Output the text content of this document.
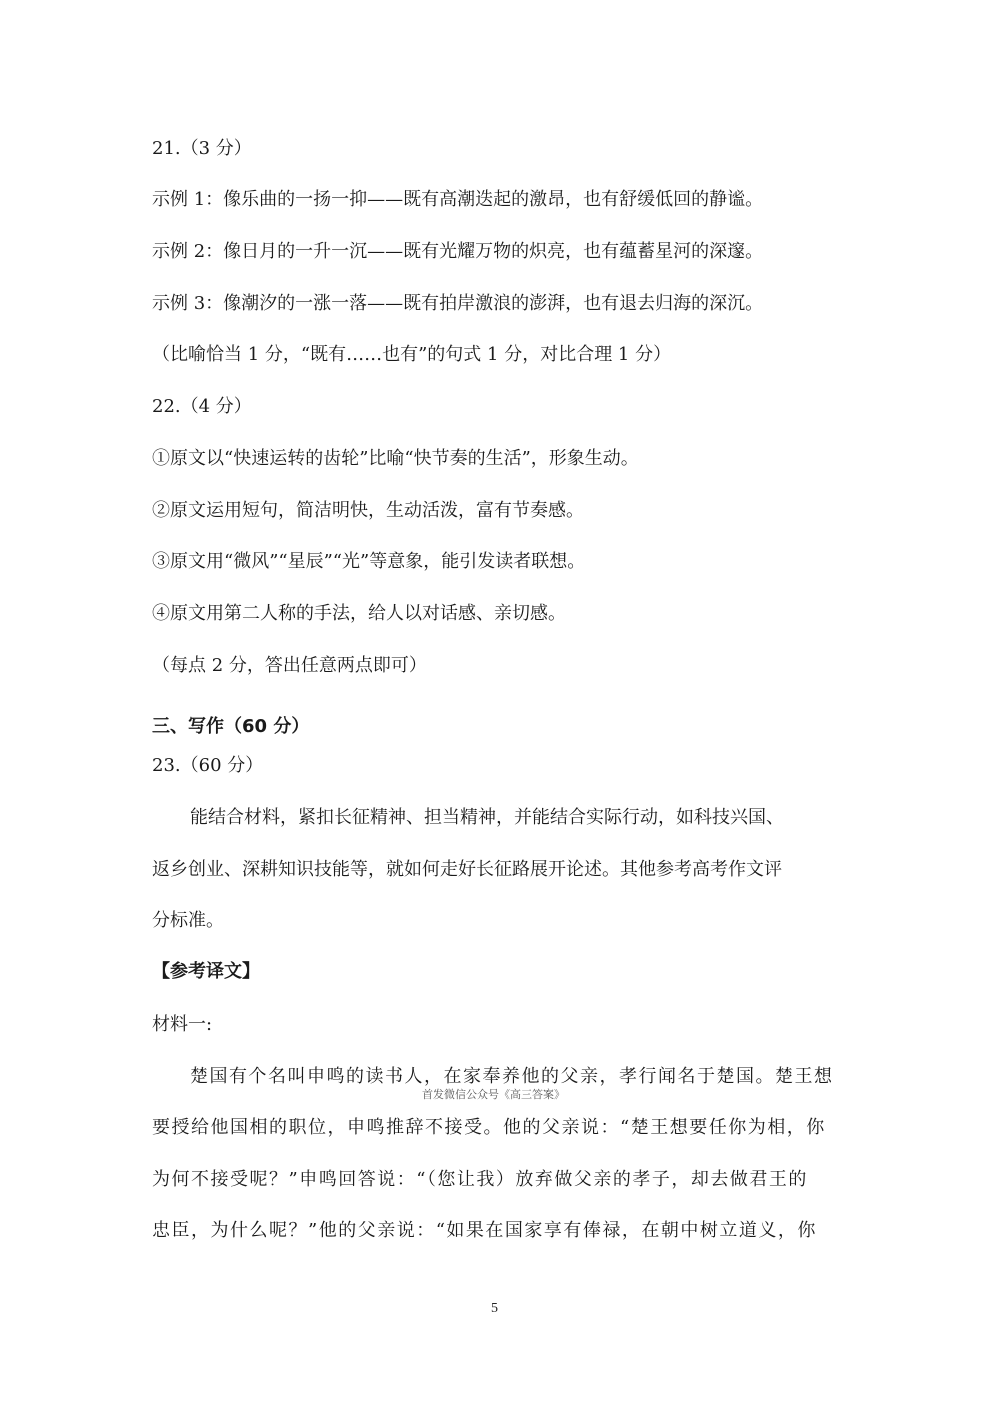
21.（3 分）
示例 1：像乐曲的一扬一抑——既有高潮迭起的激昂，也有舒缓低回的静谧。
示例 2：像日月的一升一沉——既有光耀万物的炽亮，也有蕴蓄星河的深邃。
示例 3：像潮汐的一涨一落——既有拍岸激浪的澎湃，也有退去归海的深沉。
（比喻恰当 1 分，“既有……也有”的句式 1 分，对比合理 1 分）
22.（4 分）
①原文以“快速运转的齿轮”比喻“快节奏的生活”，形象生动。
②原文运用短句，简洁明快，生动活泼，富有节奏感。
③原文用“微风”“星辰”“光”等意象，能引发读者联想。
④原文用第二人称的手法，给人以对话感、亲切感。
（每点 2 分，答出任意两点即可）
三、写作（60 分）
23.（60 分）
能结合材料，紧扣长征精神、担当精神，并能结合实际行动，如科技兴国、
返乡创业、深耕知识技能等，就如何走好长征路展开论述。其他参考高考作文评
分标准。
【参考译文】
材料一:
楚国有个名叫申鸣的读书人，在家奉养他的父亲，孝行闻名于楚国。楚王想
首发微信公众号《高三答案》
要授给他国相的职位，申鸣推辞不接受。他的父亲说：“楚王想要任你为相，你
为何不接受呢？”申鸣回答说：“（您让我）放弃做父亲的孝子，却去做君王的
忠臣，为什么呢？”他的父亲说：“如果在国家享有俸禄，在朝中树立道义，你
5
